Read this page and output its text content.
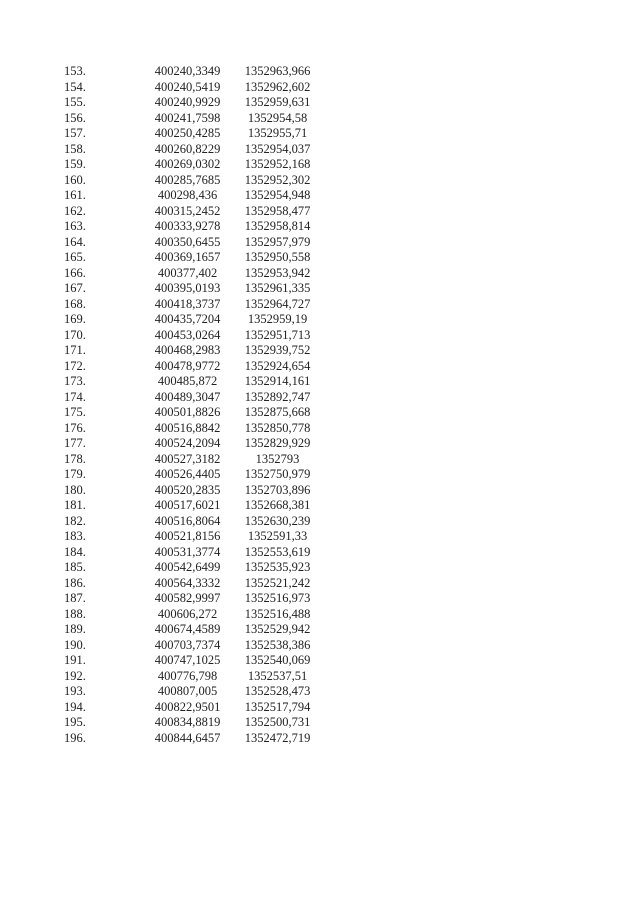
153.	400240,3349	1352963,966
154.	400240,5419	1352962,602
155.	400240,9929	1352959,631
156.	400241,7598	1352954,58
157.	400250,4285	1352955,71
158.	400260,8229	1352954,037
159.	400269,0302	1352952,168
160.	400285,7685	1352952,302
161.	400298,436	1352954,948
162.	400315,2452	1352958,477
163.	400333,9278	1352958,814
164.	400350,6455	1352957,979
165.	400369,1657	1352950,558
166.	400377,402	1352953,942
167.	400395,0193	1352961,335
168.	400418,3737	1352964,727
169.	400435,7204	1352959,19
170.	400453,0264	1352951,713
171.	400468,2983	1352939,752
172.	400478,9772	1352924,654
173.	400485,872	1352914,161
174.	400489,3047	1352892,747
175.	400501,8826	1352875,668
176.	400516,8842	1352850,778
177.	400524,2094	1352829,929
178.	400527,3182	1352793
179.	400526,4405	1352750,979
180.	400520,2835	1352703,896
181.	400517,6021	1352668,381
182.	400516,8064	1352630,239
183.	400521,8156	1352591,33
184.	400531,3774	1352553,619
185.	400542,6499	1352535,923
186.	400564,3332	1352521,242
187.	400582,9997	1352516,973
188.	400606,272	1352516,488
189.	400674,4589	1352529,942
190.	400703,7374	1352538,386
191.	400747,1025	1352540,069
192.	400776,798	1352537,51
193.	400807,005	1352528,473
194.	400822,9501	1352517,794
195.	400834,8819	1352500,731
196.	400844,6457	1352472,719
